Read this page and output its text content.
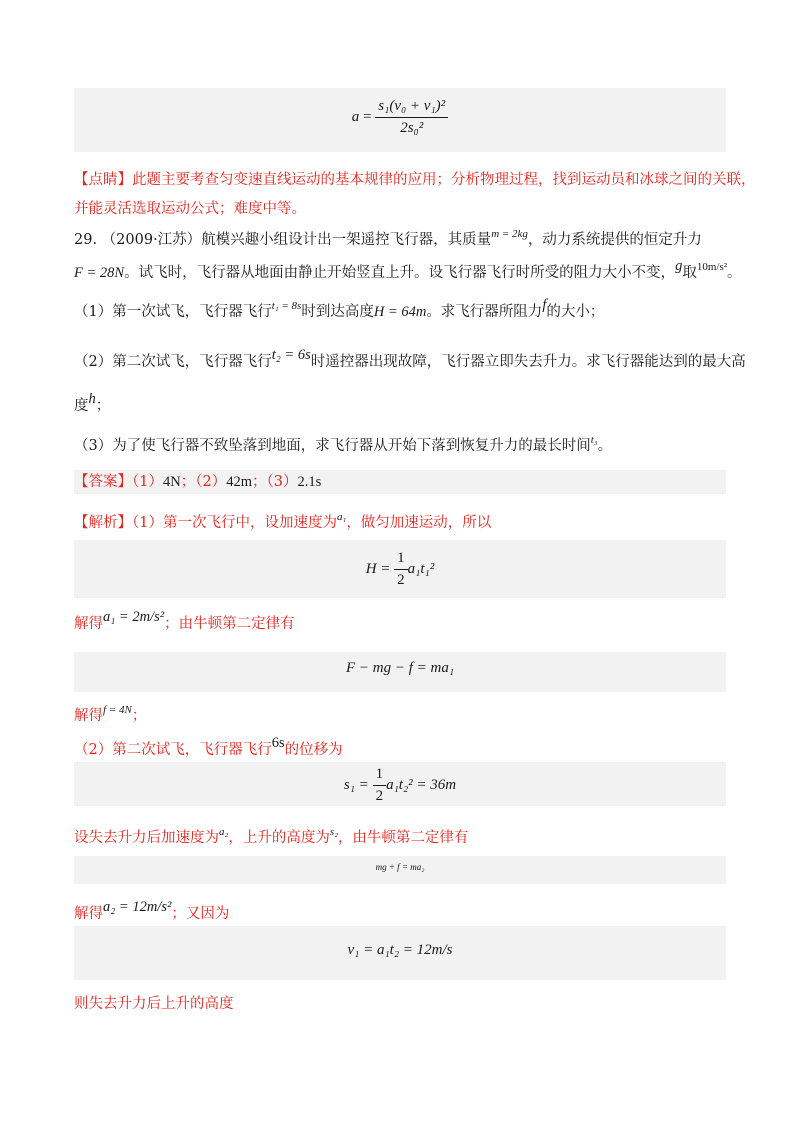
$a = \frac{\text{s₁(v₀ + v₁)²}}{\text{2s₀²}}$
【点睛】此题主要考查匀变速直线运动的基本规律的应用；分析物理过程，找到运动员和冰球之间的关联，
并能灵活选取运动公式；难度中等。
29. （2009·江苏）航模兴趣小组设计出一架遥控飞行器，其质量$^{m = 2kg}$，动力系统提供的恒定升力
F = 28N。试飞时，飞行器从地面由静止开始竖直上升。设飞行器飞行时所受的阻力大小不变，g取$^{10m/s^2}$。
（1）第一次试飞，飞行器飞行$^{t_1 = 8s}$时到达高度H = 64m。求飞行器所阻力f的大小；
（2）第二次试飞，飞行器飞行t₂ = 6s时遥控器出现故障，飞行器立即失去升力。求飞行器能达到的最大高
度h；
（3）为了使飞行器不致坠落到地面，求飞行器从开始下落到恢复升力的最长时间$^{t_3}$。
【答案】（1）4N；（2）42m；（3）2.1s
【解析】（1）第一次飞行中，设加速度为$^{a_1}$，做匀加速运动，所以
$H = \frac{1}{2} a_1t_1^2$
解得a₁ = 2m/s²；由牛顿第二定律有
F − mg − f = ma₁
解得$^{f = 4N}$；
（2）第二次试飞，飞行器飞行6s的位移为
$s_1 = \frac{1}{2} a_1t_2^2 = 36m$
设失去升力后加速度为$^{a_2}$，上升的高度为$^{s_2}$，由牛顿第二定律有
mg + f = ma₂
解得a₂ = 12m/s²；又因为
v₁ = a₁t₂ = 12m/s
则失去升力后上升的高度
